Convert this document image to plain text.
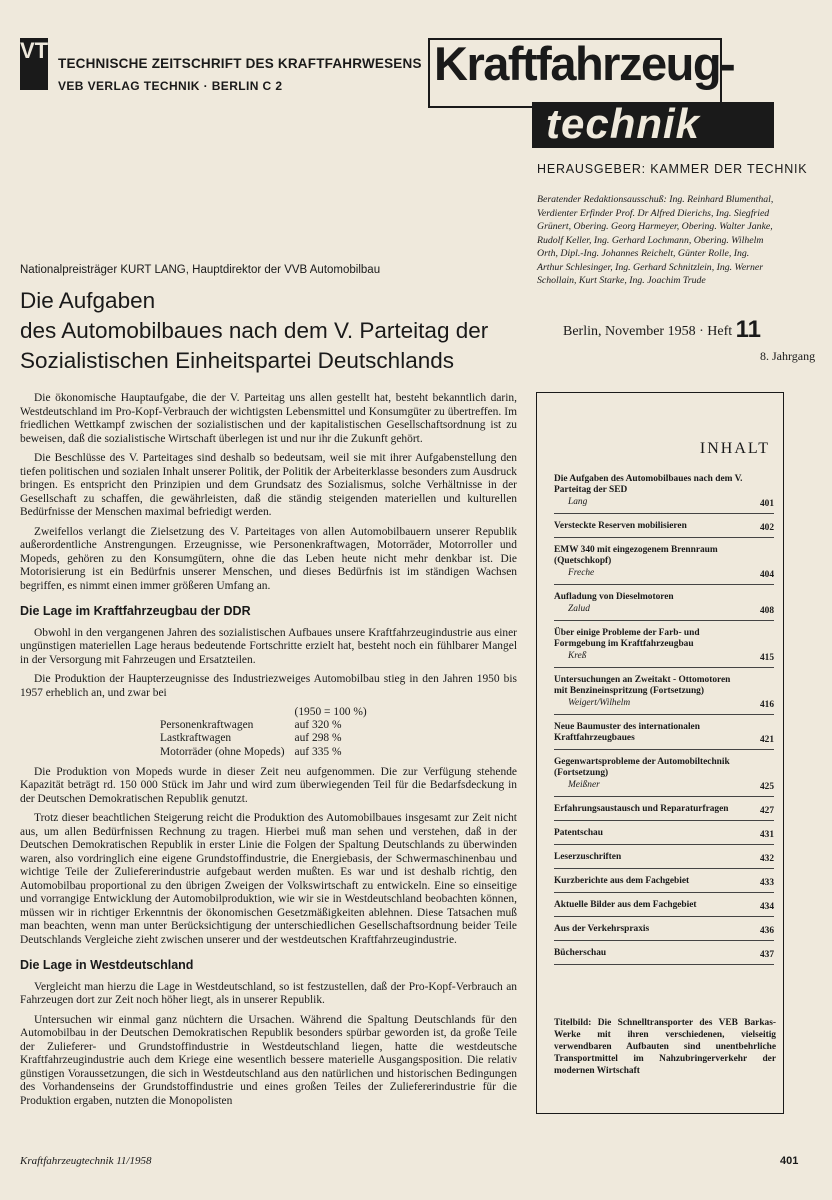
VT
TECHNISCHE ZEITSCHRIFT DES KRAFTFAHRWESENS
VEB VERLAG TECHNIK · BERLIN C 2	Kraftfahrzeug-
technik
HERAUSGEBER: KAMMER DER TECHNIK
Beratender Redaktionsausschuß: Ing. Reinhard Blumenthal, Verdienter Erfinder Prof. Dr Alfred Dierichs, Ing. Siegfried Grünert, Obering. Georg Harmeyer, Obering. Walter Janke, Rudolf Keller, Ing. Gerhard Lochmann, Obering. Wilhelm Orth, Dipl.-Ing. Johannes Reichelt, Günter Rolle, Ing. Arthur Schlesinger, Ing. Gerhard Schnitzlein, Ing. Werner Schollain, Kurt Starke, Ing. Joachim Trude
Nationalpreisträger KURT LANG, Hauptdirektor der VVB Automobilbau
Die Aufgaben
des Automobilbaues nach dem V. Parteitag der
Sozialistischen Einheitspartei Deutschlands
Berlin, November 1958 · Heft 11
8. Jahrgang

Die ökonomische Hauptaufgabe, die der V. Parteitag uns allen gestellt hat, besteht bekanntlich darin, Westdeutschland im Pro-Kopf-Verbrauch der wichtigsten Lebensmittel und Konsumgüter zu übertreffen. Im friedlichen Wettkampf zwischen der sozialistischen und der kapitalistischen Gesellschaftsordnung ist zu beweisen, daß die sozialistische Wirtschaft überlegen ist und nur ihr die Zukunft gehört.

Die Beschlüsse des V. Parteitages sind deshalb so bedeutsam, weil sie mit ihrer Aufgabenstellung den tiefen politischen und sozialen Inhalt unserer Politik, der Politik der Arbeiterklasse besonders zum Ausdruck bringen. Es entspricht den Prinzipien und dem Grundsatz des Sozialismus, solche Verhältnisse in der Gesellschaft zu schaffen, die gewährleisten, daß die ständig steigenden materiellen und kulturellen Bedürfnisse der Menschen maximal befriedigt werden.

Zweifellos verlangt die Zielsetzung des V. Parteitages von allen Automobilbauern unserer Republik außerordentliche Anstrengungen. Erzeugnisse, wie Personenkraftwagen, Motorräder, Motorroller und Mopeds, gehören zu den Konsumgütern, ohne die das Leben heute nicht mehr denkbar ist. Die Motorisierung ist ein Bedürfnis unserer Menschen, und dieses Bedürfnis ist im ständigen Wachsen begriffen, es nimmt einen immer größeren Umfang an.

Die Lage im Kraftfahrzeugbau der DDR

Obwohl in den vergangenen Jahren des sozialistischen Aufbaues unsere Kraftfahrzeugindustrie aus einer ungünstigen materiellen Lage heraus bedeutende Fortschritte erzielt hat, besteht noch ein fühlbarer Mangel in der Versorgung mit Fahrzeugen und Ersatzteilen.

Die Produktion der Haupterzeugnisse des Industriezweiges Automobilbau stieg in den Jahren 1950 bis 1957 erheblich an, und zwar bei

	(1950 = 100 %)
Personenkraftwagen	auf 320 %
Lastkraftwagen	auf 298 %
Motorräder (ohne Mopeds)	auf 335 %

Die Produktion von Mopeds wurde in dieser Zeit neu aufgenommen. Die zur Verfügung stehende Kapazität beträgt rd. 150 000 Stück im Jahr und wird zum überwiegenden Teil für die Bedarfsdeckung in der Deutschen Demokratischen Republik genutzt.

Trotz dieser beachtlichen Steigerung reicht die Produktion des Automobilbaues insgesamt zur Zeit nicht aus, um allen Bedürfnissen Rechnung zu tragen. Hierbei muß man sehen und verstehen, daß in der Deutschen Demokratischen Republik in erster Linie die Folgen der Spaltung Deutschlands zu überwinden waren, also vordringlich eine eigene Grundstoffindustrie, die Energiebasis, der Schwermaschinenbau und wichtige Teile der Zuliefererindustrie aufgebaut werden mußten. Es war und ist deshalb richtig, den Automobilbau proportional zu den übrigen Zweigen der Volkswirtschaft zu entwickeln. Eine so einseitige und vorrangige Entwicklung der Automobilproduktion, wie wir sie in Westdeutschland beobachten können, müssen wir in richtiger Erkenntnis der ökonomischen Gesetzmäßigkeiten ablehnen. Diese Tatsachen muß man beachten, wenn man unter Berücksichtigung der unterschiedlichen Gesellschaftsordnung beider Teile Deutschlands Vergleiche zieht zwischen unserer und der westdeutschen Kraftfahrzeugindustrie.

Die Lage in Westdeutschland

Vergleicht man hierzu die Lage in Westdeutschland, so ist festzustellen, daß der Pro-Kopf-Verbrauch an Fahrzeugen dort zur Zeit noch höher liegt, als in unserer Republik.

Untersuchen wir einmal ganz nüchtern die Ursachen. Während die Spaltung Deutschlands für den Automobilbau in der Deutschen Demokratischen Republik besonders spürbar geworden ist, da große Teile der Zulieferer- und Grundstoffindustrie in Westdeutschland liegen, hatte die westdeutsche Kraftfahrzeugindustrie auch dem Kriege eine wesentlich bessere materielle Ausgangsposition. Die relativ günstigen Voraussetzungen, die sich in Westdeutschland aus den natürlichen und historischen Bedingungen des Vorhandenseins der Grundstoffindustrie und eines großen Teiles der Zuliefererindustrie für die Produktion ergaben, nutzten die Monopolisten

INHALT
Die Aufgaben des Automobilbaues nach dem V. Parteitag der SED
Lang	401
Versteckte Reserven mobilisieren	402
EMW 340 mit eingezogenem Brennraum (Quetschkopf)
Freche	404
Aufladung von Dieselmotoren
Zalud	408
Über einige Probleme der Farb- und Formgebung im Kraftfahrzeugbau
Kreß	415
Untersuchungen an Zweitakt - Ottomotoren mit Benzineinspritzung (Fortsetzung)
Weigert/Wilhelm	416
Neue Baumuster des internationalen Kraftfahrzeugbaues	421
Gegenwartsprobleme der Automobiltechnik (Fortsetzung)
Meißner	425
Erfahrungsaustausch und Reparaturfragen	427
Patentschau	431
Leserzuschriften	432
Kurzberichte aus dem Fachgebiet	433
Aktuelle Bilder aus dem Fachgebiet	434
Aus der Verkehrspraxis	436
Bücherschau	437
Titelbild: Die Schnelltransporter des VEB Barkas-Werke mit ihren verschiedenen, vielseitig verwendbaren Aufbauten sind unentbehrliche Transportmittel im Nahzubringerverkehr der modernen Wirtschaft
Kraftfahrzeugtechnik 11/1958	401
